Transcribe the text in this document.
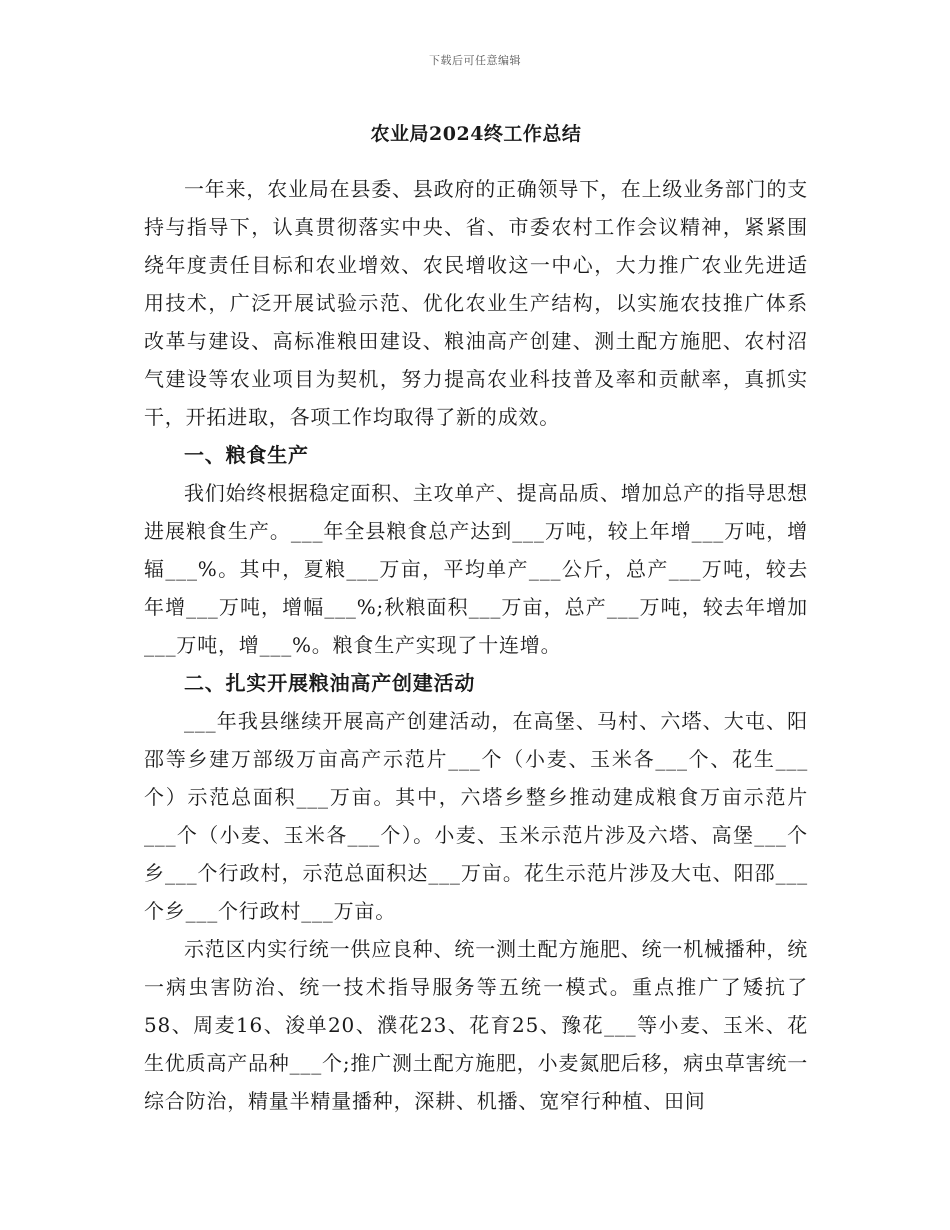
下载后可任意编辑
农业局2024终工作总结

一年来，农业局在县委、县政府的正确领导下，在上级业务部门的支持与指导下，认真贯彻落实中央、省、市委农村工作会议精神，紧紧围绕年度责任目标和农业增效、农民增收这一中心，大力推广农业先进适用技术，广泛开展试验示范、优化农业生产结构，以实施农技推广体系改革与建设、高标准粮田建设、粮油高产创建、测土配方施肥、农村沼气建设等农业项目为契机，努力提高农业科技普及率和贡献率，真抓实干，开拓进取，各项工作均取得了新的成效。

一、粮食生产

我们始终根据稳定面积、主攻单产、提高品质、增加总产的指导思想进展粮食生产。___年全县粮食总产达到___万吨，较上年增___万吨，增辐___%。其中，夏粮___万亩，平均单产___公斤，总产___万吨，较去年增___万吨，增幅___%;秋粮面积___万亩，总产___万吨，较去年增加___万吨，增___%。粮食生产实现了十连增。

二、扎实开展粮油高产创建活动

___年我县继续开展高产创建活动，在高堡、马村、六塔、大屯、阳邵等乡建万部级万亩高产示范片___个（小麦、玉米各___个、花生___个）示范总面积___万亩。其中，六塔乡整乡推动建成粮食万亩示范片___个（小麦、玉米各___个）。小麦、玉米示范片涉及六塔、高堡___个乡___个行政村，示范总面积达___万亩。花生示范片涉及大屯、阳邵___个乡___个行政村___万亩。

示范区内实行统一供应良种、统一测土配方施肥、统一机械播种，统一病虫害防治、统一技术指导服务等五统一模式。重点推广了矮抗了58、周麦16、浚单20、濮花23、花育25、豫花___等小麦、玉米、花生优质高产品种___个;推广测土配方施肥，小麦氮肥后移，病虫草害统一综合防治，精量半精量播种，深耕、机播、宽窄行种植、田间
